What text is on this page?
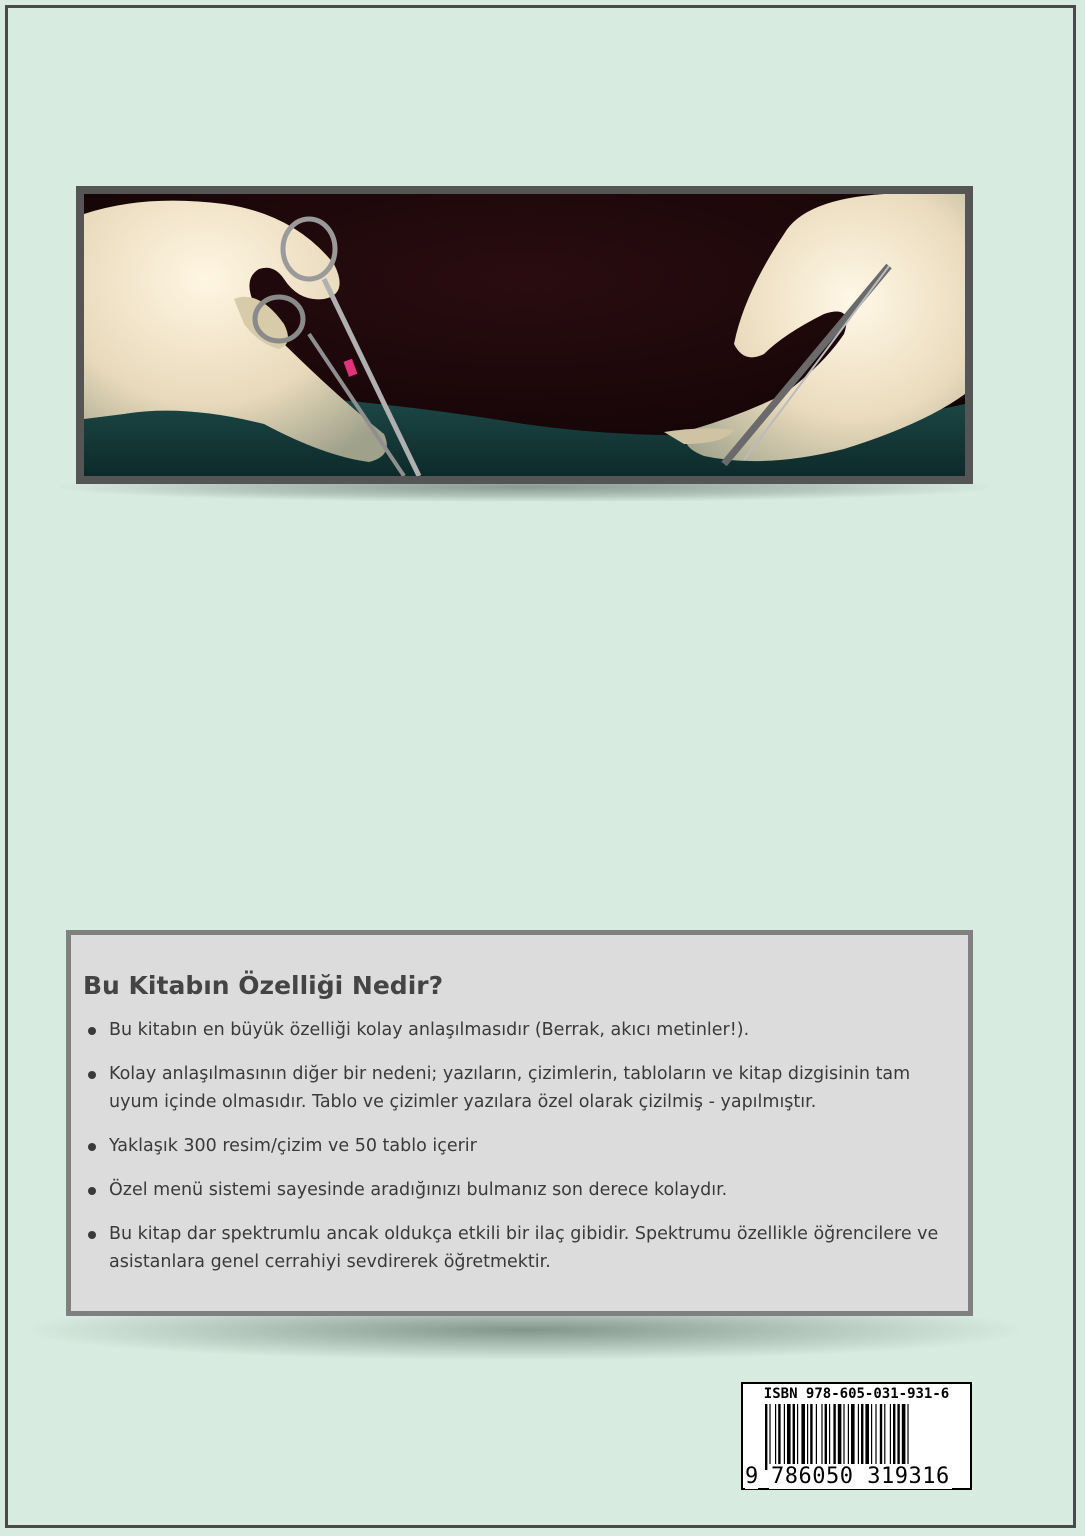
Bu Kitabın Özelliği Nedir?
Bu kitabın en büyük özelliği kolay anlaşılmasıdır (Berrak, akıcı metinler!).
Kolay anlaşılmasının diğer bir nedeni; yazıların, çizimlerin, tabloların ve kitap dizgisinin tam uyum içinde olmasıdır. Tablo ve çizimler yazılara özel olarak çizilmiş - yapılmıştır.
Yaklaşık 300 resim/çizim ve 50 tablo içerir
Özel menü sistemi sayesinde aradığınızı bulmanız son derece kolaydır.
Bu kitap dar spektrumlu ancak oldukça etkili bir ilaç gibidir. Spektrumu özellikle öğrencilere ve asistanlara genel cerrahiyi sevdirerek öğretmektir.
ISBN 978-605-031-931-6
9 786050 319316
